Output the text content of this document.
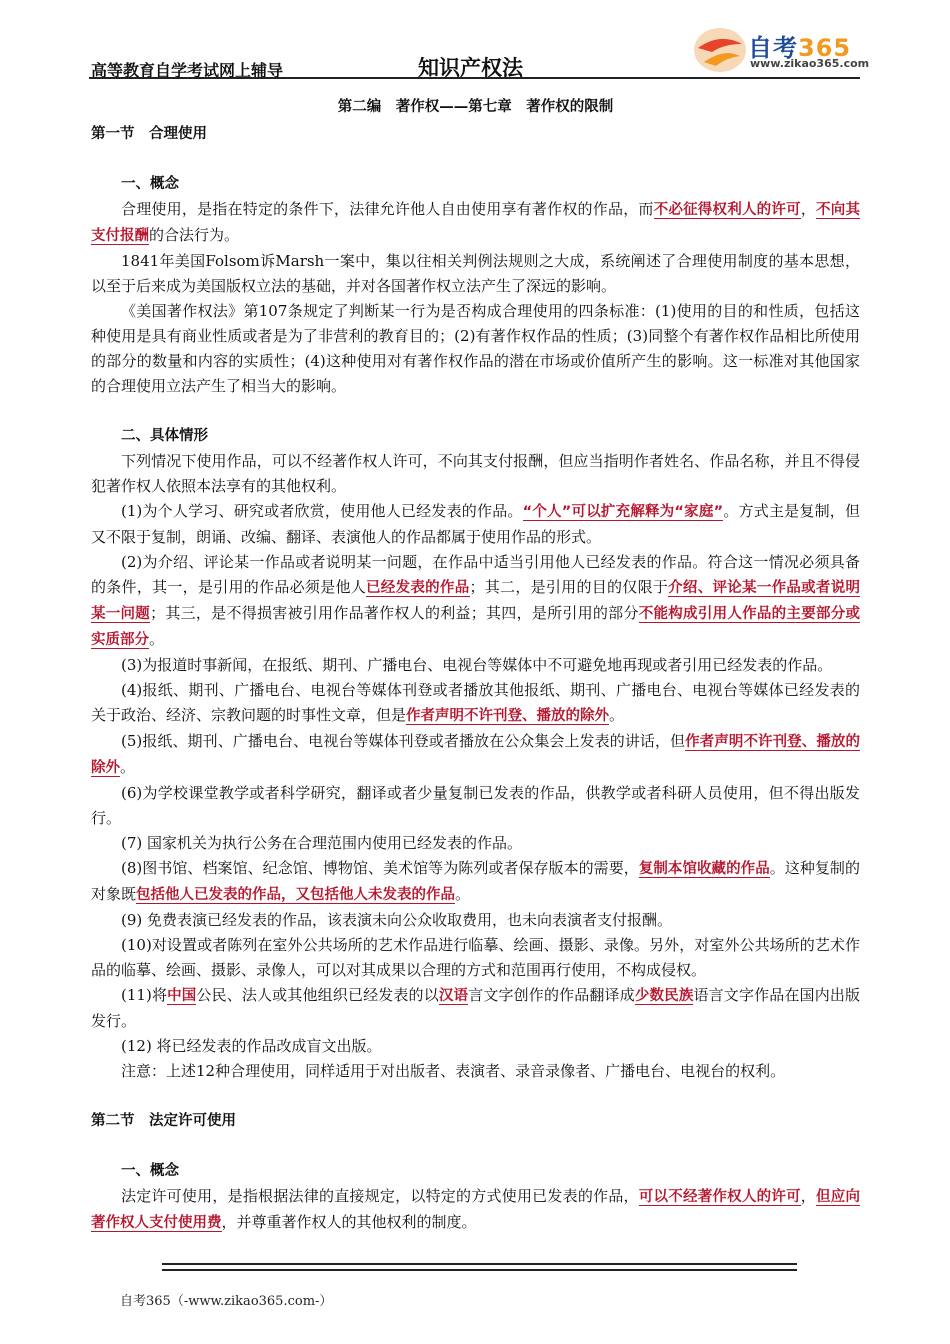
高等教育自学考试网上辅导	知识产权法
自考365
www.zikao365.com
第二编　著作权——第七章　著作权的限制
第一节　合理使用
一、概念
合理使用，是指在特定的条件下，法律允许他人自由使用享有著作权的作品，而不必征得权利人的许可，不向其支付报酬的合法行为。
1841年美国Folsom诉Marsh一案中，集以往相关判例法规则之大成，系统阐述了合理使用制度的基本思想，以至于后来成为美国版权立法的基础，并对各国著作权立法产生了深远的影响。
《美国著作权法》第107条规定了判断某一行为是否构成合理使用的四条标准：(1)使用的目的和性质，包括这种使用是具有商业性质或者是为了非营利的教育目的；(2)有著作权作品的性质；(3)同整个有著作权作品相比所使用的部分的数量和内容的实质性；(4)这种使用对有著作权作品的潜在市场或价值所产生的影响。这一标准对其他国家的合理使用立法产生了相当大的影响。
二、具体情形
下列情况下使用作品，可以不经著作权人许可，不向其支付报酬，但应当指明作者姓名、作品名称，并且不得侵犯著作权人依照本法享有的其他权利。
(1)为个人学习、研究或者欣赏，使用他人已经发表的作品。“个人”可以扩充解释为“家庭”。方式主是复制，但又不限于复制，朗诵、改编、翻译、表演他人的作品都属于使用作品的形式。
(2)为介绍、评论某一作品或者说明某一问题，在作品中适当引用他人已经发表的作品。符合这一情况必须具备的条件，其一，是引用的作品必须是他人已经发表的作品；其二，是引用的目的仅限于介绍、评论某一作品或者说明某一问题；其三，是不得损害被引用作品著作权人的利益；其四，是所引用的部分不能构成引用人作品的主要部分或实质部分。
(3)为报道时事新闻，在报纸、期刊、广播电台、电视台等媒体中不可避免地再现或者引用已经发表的作品。
(4)报纸、期刊、广播电台、电视台等媒体刊登或者播放其他报纸、期刊、广播电台、电视台等媒体已经发表的关于政治、经济、宗教问题的时事性文章，但是作者声明不许刊登、播放的除外。
(5)报纸、期刊、广播电台、电视台等媒体刊登或者播放在公众集会上发表的讲话，但作者声明不许刊登、播放的除外。
(6)为学校课堂教学或者科学研究，翻译或者少量复制已发表的作品，供教学或者科研人员使用，但不得出版发行。
(7) 国家机关为执行公务在合理范围内使用已经发表的作品。
(8)图书馆、档案馆、纪念馆、博物馆、美术馆等为陈列或者保存版本的需要，复制本馆收藏的作品。这种复制的对象既包括他人已发表的作品，又包括他人未发表的作品。
(9) 免费表演已经发表的作品，该表演未向公众收取费用，也未向表演者支付报酬。
(10)对设置或者陈列在室外公共场所的艺术作品进行临摹、绘画、摄影、录像。另外，对室外公共场所的艺术作品的临摹、绘画、摄影、录像人，可以对其成果以合理的方式和范围再行使用，不构成侵权。
(11)将中国公民、法人或其他组织已经发表的以汉语言文字创作的作品翻译成少数民族语言文字作品在国内出版发行。
(12) 将已经发表的作品改成盲文出版。
注意：上述12种合理使用，同样适用于对出版者、表演者、录音录像者、广播电台、电视台的权利。
第二节　法定许可使用
一、概念
法定许可使用，是指根据法律的直接规定，以特定的方式使用已发表的作品，可以不经著作权人的许可，但应向著作权人支付使用费，并尊重著作权人的其他权利的制度。
自考365（-www.zikao365.com-）
